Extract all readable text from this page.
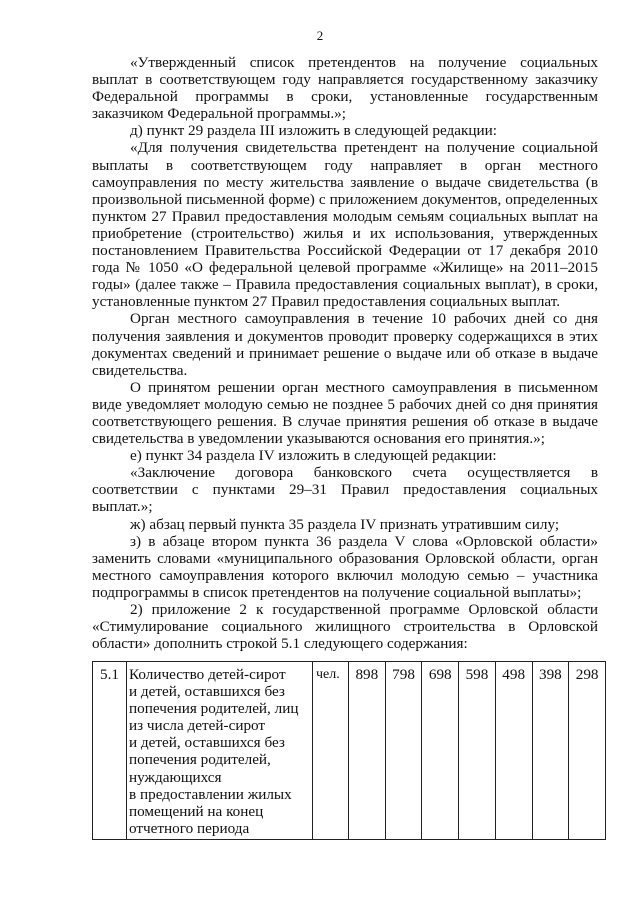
2

«Утвержденный список претендентов на получение социальных выплат в соответствующем году направляется государственному заказчику Федеральной программы в сроки, установленные государственным заказчиком Федеральной программы.»;

д) пункт 29 раздела III изложить в следующей редакции:

«Для получения свидетельства претендент на получение социальной выплаты в соответствующем году направляет в орган местного самоуправления по месту жительства заявление о выдаче свидетельства (в произвольной письменной форме) с приложением документов, определенных пунктом 27 Правил предоставления молодым семьям социальных выплат на приобретение (строительство) жилья и их использования, утвержденных постановлением Правительства Российской Федерации от 17 декабря 2010 года № 1050 «О федеральной целевой программе «Жилище» на 2011–2015 годы» (далее также – Правила предоставления социальных выплат), в сроки, установленные пунктом 27 Правил предоставления социальных выплат.

Орган местного самоуправления в течение 10 рабочих дней со дня получения заявления и документов проводит проверку содержащихся в этих документах сведений и принимает решение о выдаче или об отказе в выдаче свидетельства.

О принятом решении орган местного самоуправления в письменном виде уведомляет молодую семью не позднее 5 рабочих дней со дня принятия соответствующего решения. В случае принятия решения об отказе в выдаче свидетельства в уведомлении указываются основания его принятия.»;

е) пункт 34 раздела IV изложить в следующей редакции:

«Заключение договора банковского счета осуществляется в соответствии с пунктами 29–31 Правил предоставления социальных выплат.»;

ж) абзац первый пункта 35 раздела IV признать утратившим силу;

з) в абзаце втором пункта 36 раздела V слова «Орловской области» заменить словами «муниципального образования Орловской области, орган местного самоуправления которого включил молодую семью – участника подпрограммы в список претендентов на получение социальной выплаты»;

2) приложение 2 к государственной программе Орловской области «Стимулирование социального жилищного строительства в Орловской области» дополнить строкой 5.1 следующего содержания:

5.1	Количество детей-сирот
и детей, оставшихся без
попечения родителей, лиц
из числа детей-сирот
и детей, оставшихся без
попечения родителей,
нуждающихся
в предоставлении жилых
помещений на конец
отчетного периода
	чел.	898	798	698	598	498	398	298
